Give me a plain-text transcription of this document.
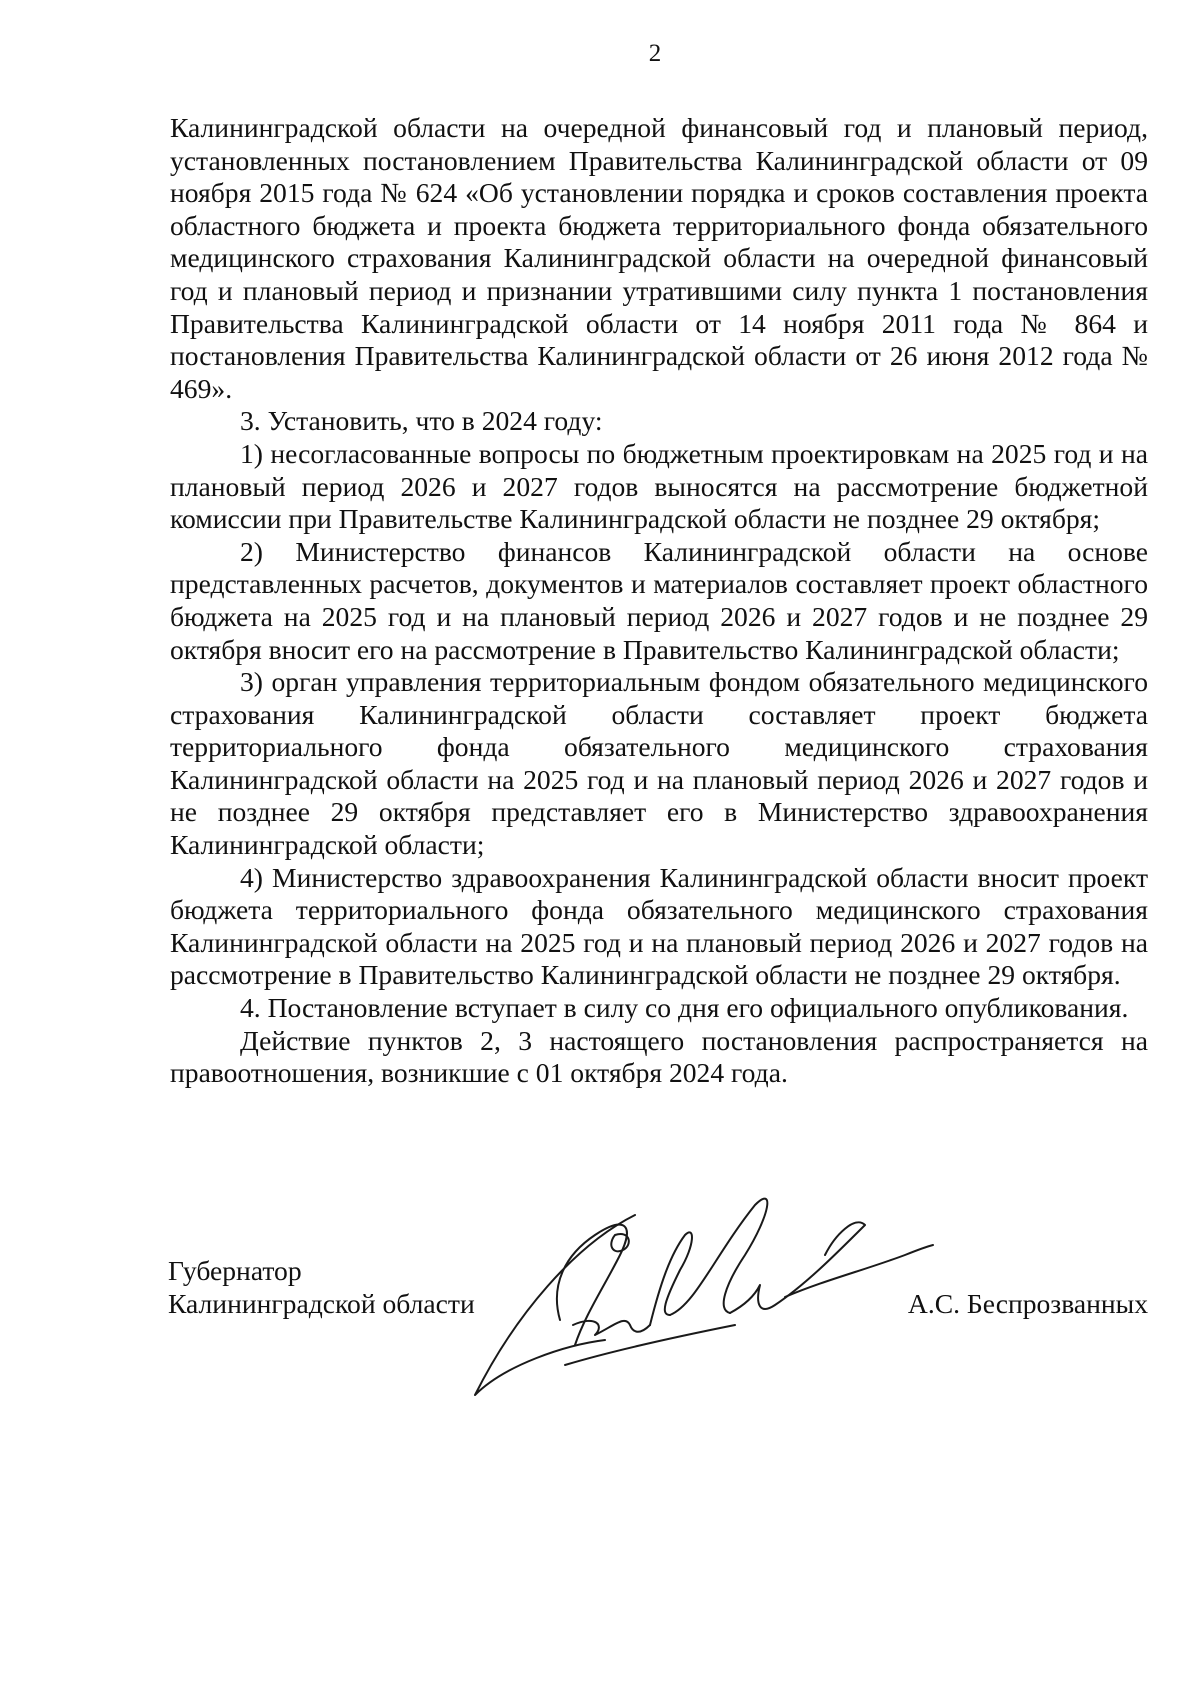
2

Калининградской области на очередной финансовый год и плановый период, установленных постановлением Правительства Калининградской области от 09 ноября 2015 года № 624 «Об установлении порядка и сроков составления проекта областного бюджета и проекта бюджета территориального фонда обязательного медицинского страхования Калининградской области на очередной финансовый год и плановый период и признании утратившими силу пункта 1 постановления Правительства Калининградской области от 14 ноября 2011 года № 864 и постановления Правительства Калининградской области от 26 июня 2012 года № 469».

3. Установить, что в 2024 году:

1) несогласованные вопросы по бюджетным проектировкам на 2025 год и на плановый период 2026 и 2027 годов выносятся на рассмотрение бюджетной комиссии при Правительстве Калининградской области не позднее 29 октября;

2) Министерство финансов Калининградской области на основе представленных расчетов, документов и материалов составляет проект областного бюджета на 2025 год и на плановый период 2026 и 2027 годов и не позднее 29 октября вносит его на рассмотрение в Правительство Калининградской области;

3) орган управления территориальным фондом обязательного медицинского страхования Калининградской области составляет проект бюджета территориального фонда обязательного медицинского страхования Калининградской области на 2025 год и на плановый период 2026 и 2027 годов и не позднее 29 октября представляет его в Министерство здравоохранения Калининградской области;

4) Министерство здравоохранения Калининградской области вносит проект бюджета территориального фонда обязательного медицинского страхования Калининградской области на 2025 год и на плановый период 2026 и 2027 годов на рассмотрение в Правительство Калининградской области не позднее 29 октября.

4. Постановление вступает в силу со дня его официального опубликования.

Действие пунктов 2, 3 настоящего постановления распространяется на правоотношения, возникшие с 01 октября 2024 года.

Губернатор
Калининградской области	А.С. Беспрозванных
